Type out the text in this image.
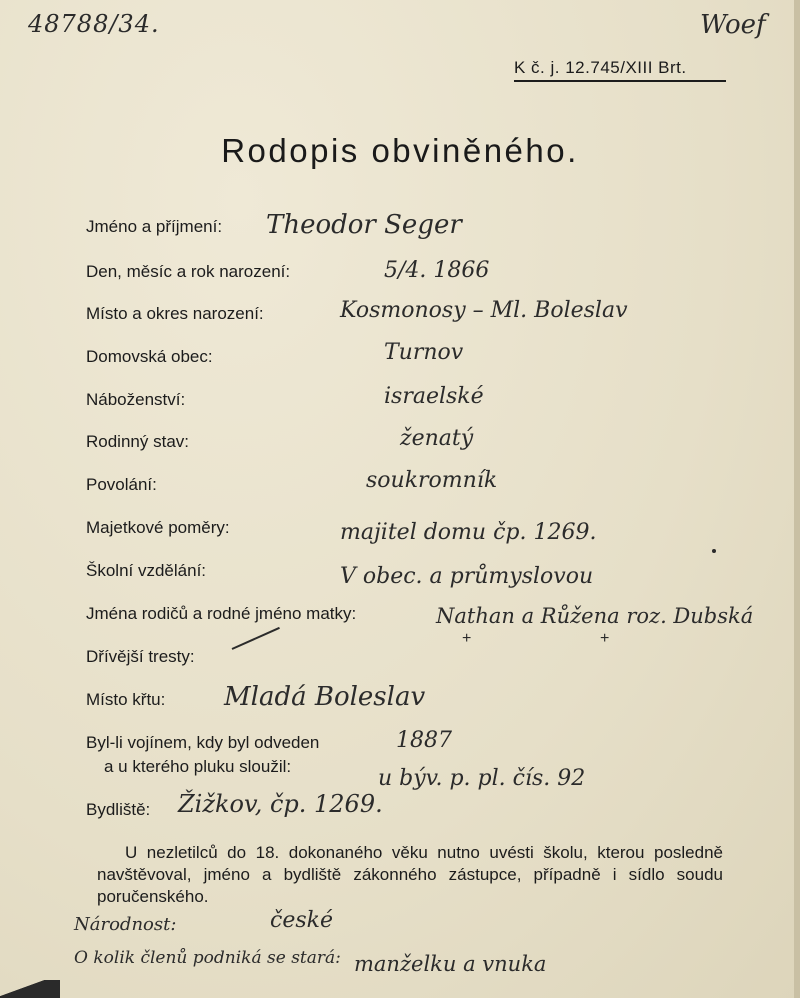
48788/34.	Woef
K č. j. 12.745/XIII Brt.
Rodopis obviněného.
Jméno a příjmení: Theodor Seger
Den, měsíc a rok narození:	5/4. 1866
Místo a okres narození:	Kosmonosy – Ml. Boleslav
Domovská obec:	Turnov
Náboženství:	israelské
Rodinný stav:	ženatý
Povolání:	soukromník
Majetkové poměry:	majitel domu čp. 1269.
Školní vzdělání:	V obec. a průmyslovou
Jména rodičů a rodné jméno matky:	Nathan a Růžena roz. Dubská
Dřívější tresty:
Místo křtu: Mladá Boleslav
Byl-li vojínem, kdy byl odveden	1887
a u kterého pluku sloužil:	u býv. p. pl. čís. 92
Bydliště: Žižkov, čp. 1269.
+	+
U nezletilců do 18. dokonaného věku nutno uvésti školu, kterou posledně navštěvoval, jméno a bydliště zákonného zástupce, případně i sídlo soudu poručenského.
Národnost:	české
O kolik členů podniká se stará: manželku a vnuka
